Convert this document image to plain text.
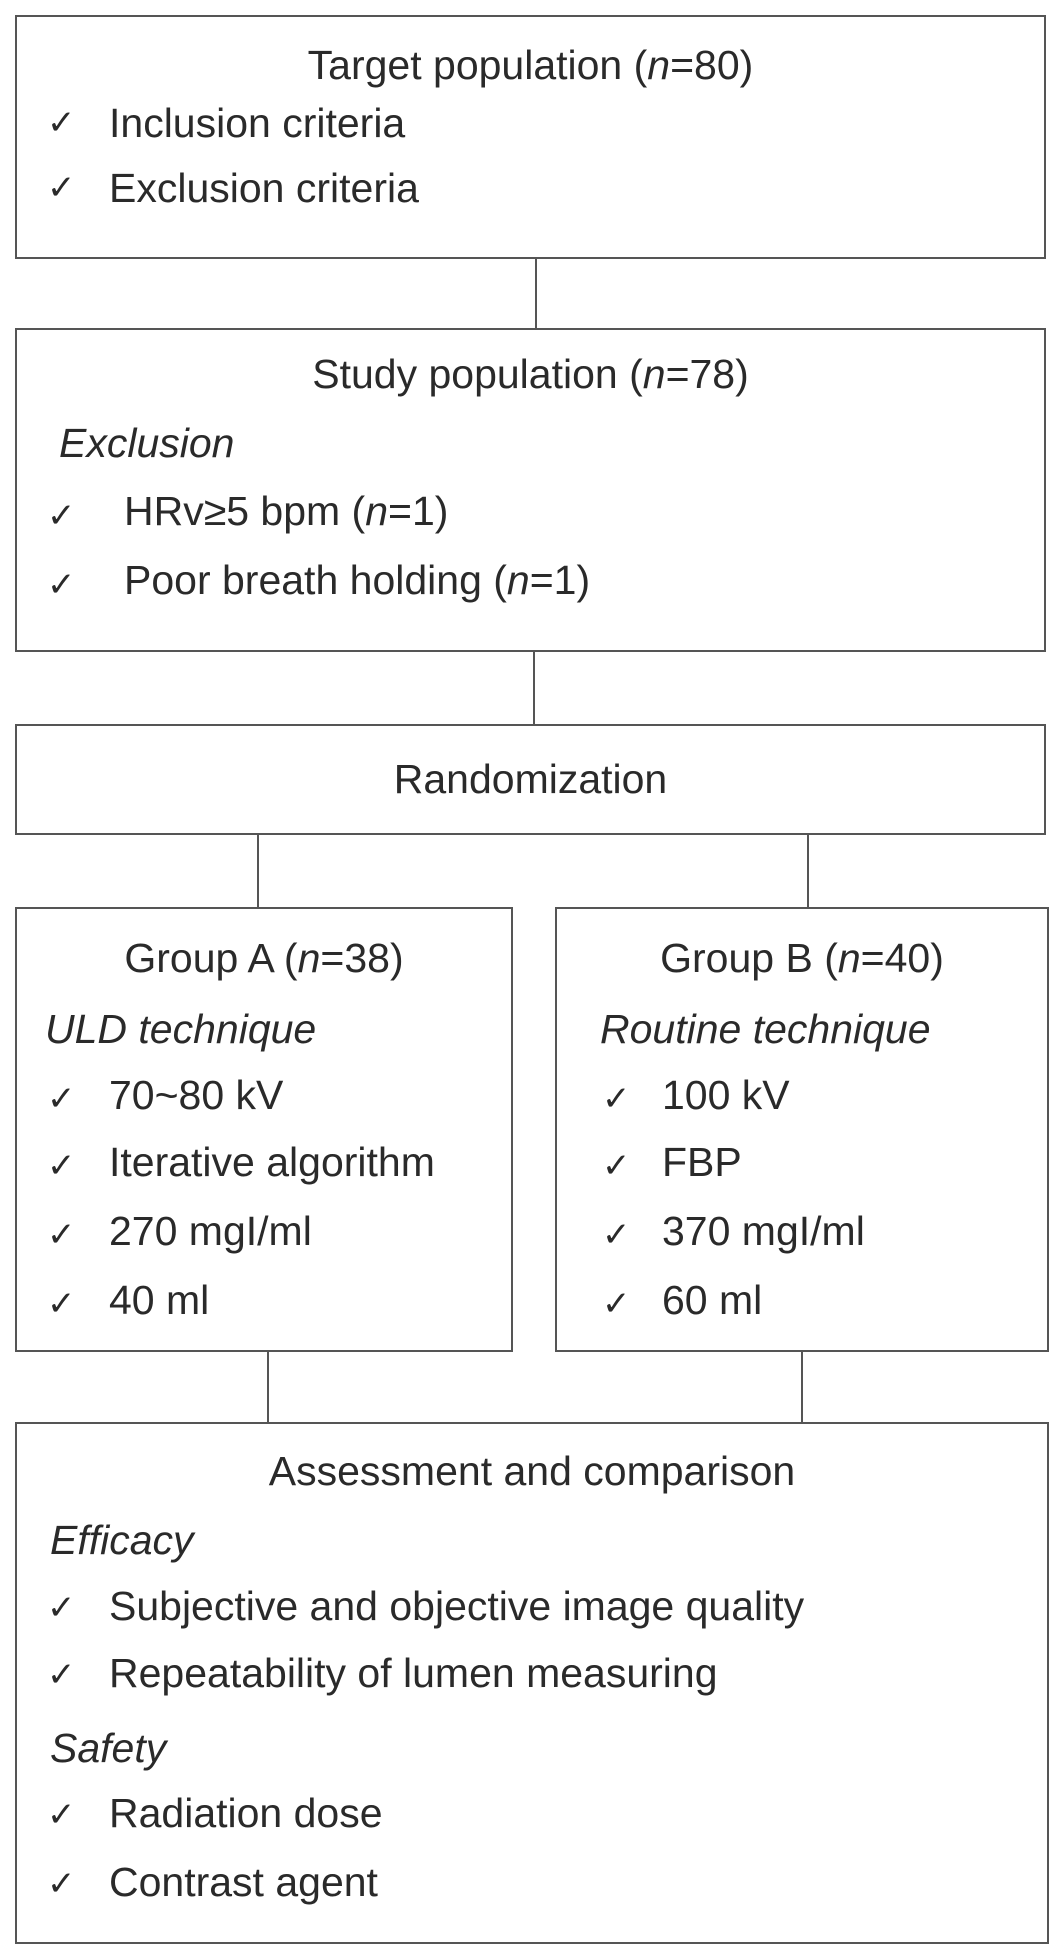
Target population (n=80)
✓ Inclusion criteria
✓ Exclusion criteria
Study population (n=78)
Exclusion
✓ HRv≥5 bpm (n=1)
✓ Poor breath holding (n=1)
Randomization
Group A (n=38)
ULD technique
✓ 70~80 kV
✓ Iterative algorithm
✓ 270 mgI/ml
✓ 40 ml
Group B (n=40)
Routine technique
✓ 100 kV
✓ FBP
✓ 370 mgI/ml
✓ 60 ml
Assessment and comparison
Efficacy
✓ Subjective and objective image quality
✓ Repeatability of lumen measuring
Safety
✓ Radiation dose
✓ Contrast agent
